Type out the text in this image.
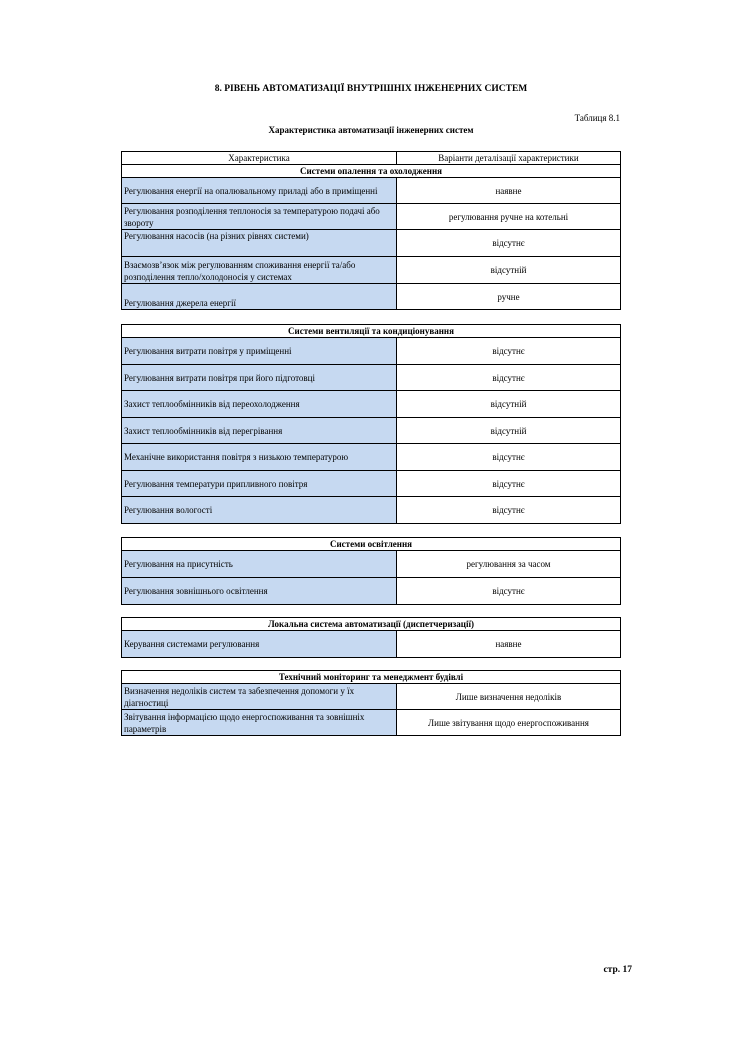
8. РІВЕНЬ АВТОМАТИЗАЦІЇ ВНУТРІШНІХ ІНЖЕНЕРНИХ СИСТЕМ
Таблиця 8.1
Характеристика автоматизації інженерних систем
Характеристика	Варіанти деталізації характеристики
Системи опалення та охолодження	
Регулювання енергії на опалювальному приладі або в приміщенні	наявне
Регулювання розподілення теплоносія за температурою подачі або звороту	регулювання ручне на котельні
Регулювання насосів (на різних рівнях системи)	відсутнє
Взаємозв’язок між регулюванням споживання енергії та/або розподілення тепло/холодоносія у системах	відсутній
Регулювання джерела енергії	ручне
Системи вентиляції та кондиціонування	
Регулювання витрати повітря у приміщенні	відсутнє
Регулювання витрати повітря при його підготовці	відсутнє
Захист теплообмінників від переохолодження	відсутній
Захист теплообмінників від перегрівання	відсутній
Механічне використання повітря з низькою температурою	відсутнє
Регулювання температури припливного повітря	відсутнє
Регулювання вологості	відсутнє
Системи освітлення	
Регулювання на присутність	регулювання за часом
Регулювання зовнішнього освітлення	відсутнє
Локальна система автоматизації (диспетчеризації)
Керування системами регулювання	наявне
Технічний моніторинг та менеджмент будівлі	
Визначення недоліків систем та забезпечення допомоги у їх діагностиці	Лише визначення недоліків
Звітування інформацією щодо енергоспоживання та зовнішніх параметрів	Лише звітування щодо енергоспоживання
стр. 17
